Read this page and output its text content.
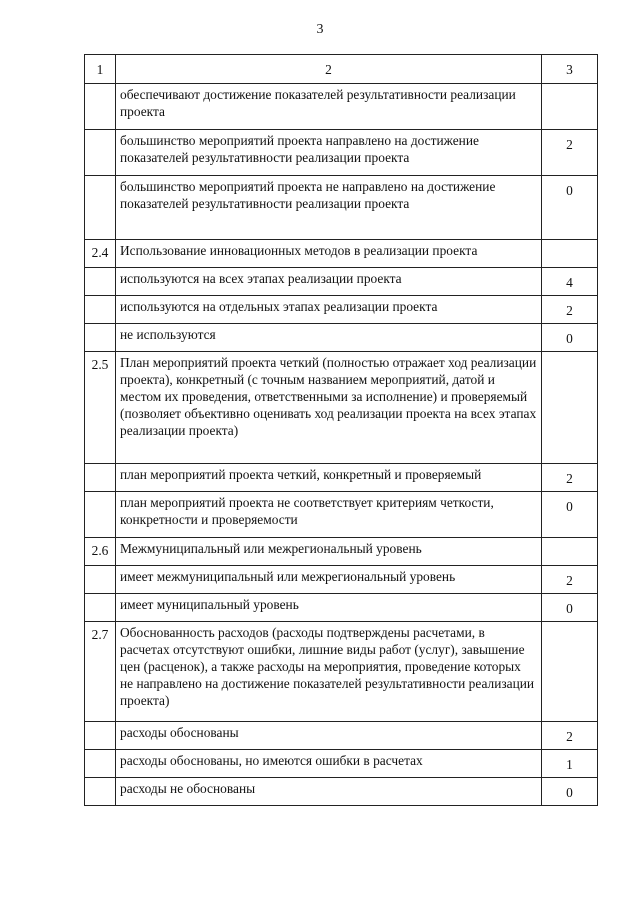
3
1	2	3
	обеспечивают достижение показателей результативности реализации проекта	
	большинство мероприятий проекта направлено на достижение показателей результативности реализации проекта	2
	большинство мероприятий проекта не направлено на достижение показателей результативности реализации проекта	0
2.4	Использование инновационных методов в реализации проекта	
	используются на всех этапах реализации проекта	4
	используются на отдельных этапах реализации проекта	2
	не используются	0
2.5	План мероприятий проекта четкий (полностью отражает ход реализации проекта), конкретный (с точным названием мероприятий, датой и местом их проведения, ответственными за исполнение) и проверяемый (позволяет объективно оценивать ход реализации проекта на всех этапах реализации проекта)	
	план мероприятий проекта четкий, конкретный и проверяемый	2
	план мероприятий проекта не соответствует критериям четкости, конкретности и проверяемости	0
2.6	Межмуниципальный или межрегиональный уровень	
	имеет межмуниципальный или межрегиональный уровень	2
	имеет муниципальный уровень	0
2.7	Обоснованность расходов (расходы подтверждены расчетами, в расчетах отсутствуют ошибки, лишние виды работ (услуг), завышение цен (расценок), а также расходы на мероприятия, проведение которых не направлено на достижение показателей результативности реализации проекта)	
	расходы обоснованы	2
	расходы обоснованы, но имеются ошибки в расчетах	1
	расходы не обоснованы	0
